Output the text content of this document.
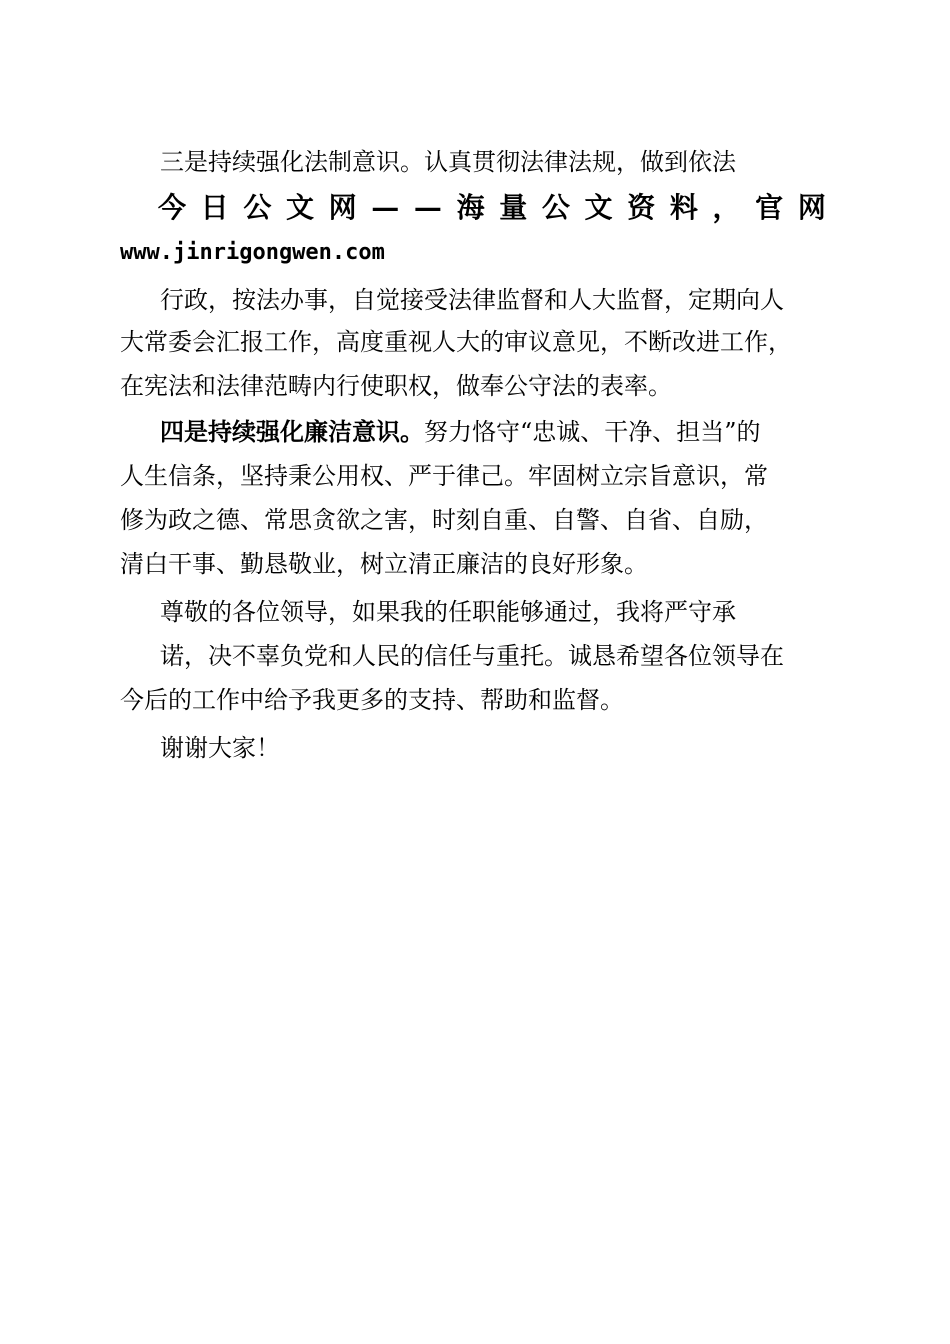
三是持续强化法制意识。认真贯彻法律法规，做到依法
今 日 公 文 网 — — 海 量 公 文 资 料 ， 官 网
www.jinrigongwen.com
行政，按法办事，自觉接受法律监督和人大监督，定期向人
大常委会汇报工作，高度重视人大的审议意见，不断改进工作，
在宪法和法律范畴内行使职权，做奉公守法的表率。
四是持续强化廉洁意识。努力恪守“忠诚、干净、担当”的
人生信条，坚持秉公用权、严于律己。牢固树立宗旨意识，常
修为政之德、常思贪欲之害，时刻自重、自警、自省、自励，
清白干事、勤恳敬业，树立清正廉洁的良好形象。
尊敬的各位领导，如果我的任职能够通过，我将严守承
诺，决不辜负党和人民的信任与重托。诚恳希望各位领导在
今后的工作中给予我更多的支持、帮助和监督。
谢谢大家！
